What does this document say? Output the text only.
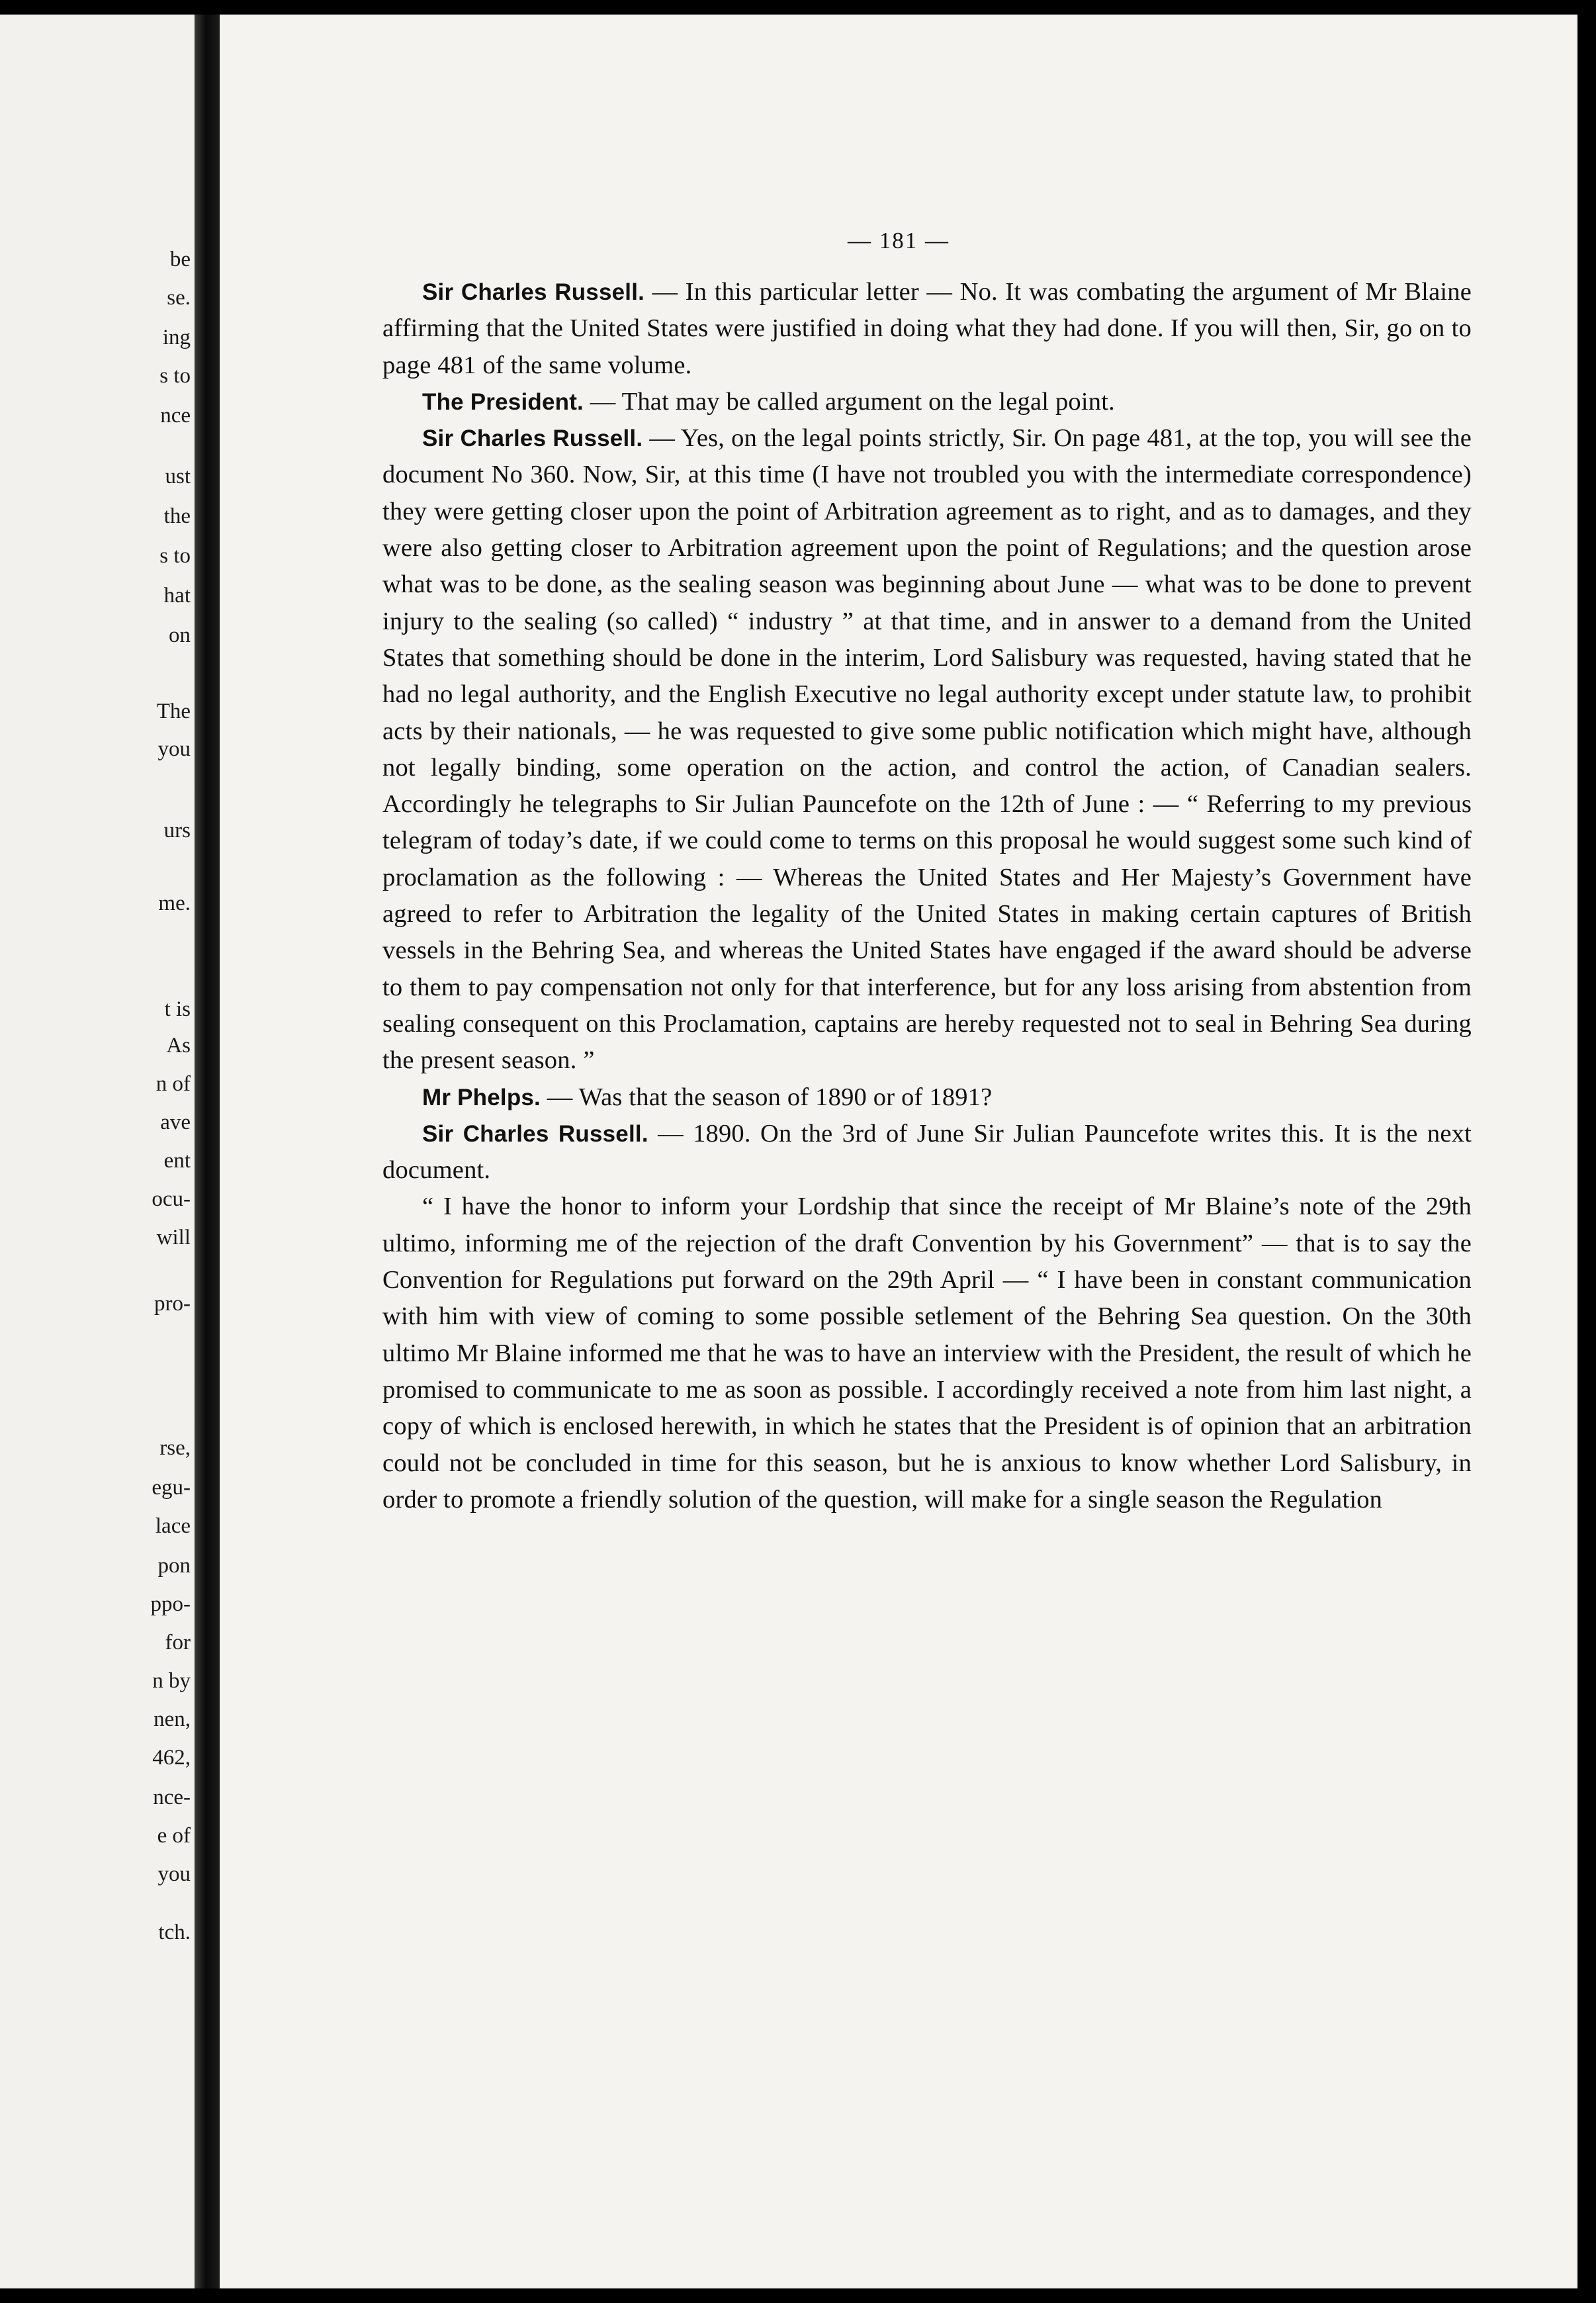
be

se.

ing

s to

nce

ust

the

s to

hat

on

The

you

urs

me.

t is

As

n of

ave

ent

ocu-

will

pro-

rse,

egu-

lace

pon

ppo-

for

n by

nen,

462,

nce-

e of

you

tch.

— 181 —

Sir Charles Russell. — In this particular letter — No. It was combating the argument of Mr Blaine affirming that the United States were justified in doing what they had done. If you will then, Sir, go on to page 481 of the same volume.

The President. — That may be called argument on the legal point.

Sir Charles Russell. — Yes, on the legal points strictly, Sir. On page 481, at the top, you will see the document No 360. Now, Sir, at this time (I have not troubled you with the intermediate correspondence) they were getting closer upon the point of Arbitration agreement as to right, and as to damages, and they were also getting closer to Arbitration agreement upon the point of Regulations; and the question arose what was to be done, as the sealing season was beginning about June — what was to be done to prevent injury to the sealing (so called) “ industry ” at that time, and in answer to a demand from the United States that something should be done in the interim, Lord Salisbury was requested, having stated that he had no legal authority, and the English Executive no legal authority except under statute law, to prohibit acts by their nationals, — he was requested to give some public notification which might have, although not legally binding, some operation on the action, and control the action, of Canadian sealers. Accordingly he telegraphs to Sir Julian Pauncefote on the 12th of June : — “ Referring to my previous telegram of today’s date, if we could come to terms on this proposal he would suggest some such kind of proclamation as the following : — Whereas the United States and Her Majesty’s Government have agreed to refer to Arbitration the legality of the United States in making certain captures of British vessels in the Behring Sea, and whereas the United States have engaged if the award should be adverse to them to pay compensation not only for that interference, but for any loss arising from abstention from sealing consequent on this Proclamation, captains are hereby requested not to seal in Behring Sea during the present season. ”

Mr Phelps. — Was that the season of 1890 or of 1891?

Sir Charles Russell. — 1890. On the 3rd of June Sir Julian Pauncefote writes this. It is the next document.

“ I have the honor to inform your Lordship that since the receipt of Mr Blaine’s note of the 29th ultimo, informing me of the rejection of the draft Convention by his Government” — that is to say the Convention for Regulations put forward on the 29th April — “ I have been in constant communication with him with view of coming to some possible setlement of the Behring Sea question. On the 30th ultimo Mr Blaine informed me that he was to have an interview with the President, the result of which he promised to communicate to me as soon as possible. I accordingly received a note from him last night, a copy of which is enclosed herewith, in which he states that the President is of opinion that an arbitration could not be concluded in time for this season, but he is anxious to know whether Lord Salisbury, in order to promote a friendly solution of the question, will make for a single season the Regulation
